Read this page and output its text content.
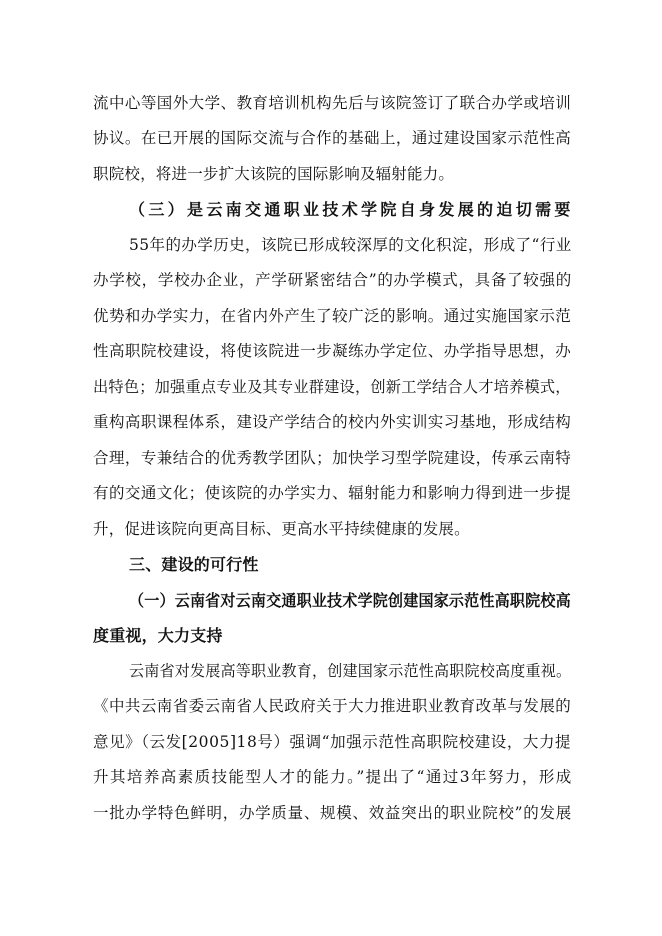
流中心等国外大学、教育培训机构先后与该院签订了联合办学或培训
协议。在已开展的国际交流与合作的基础上，通过建设国家示范性高
职院校，将进一步扩大该院的国际影响及辐射能力。
（三）是云南交通职业技术学院自身发展的迫切需要
55年的办学历史，该院已形成较深厚的文化积淀，形成了“行业
办学校，学校办企业，产学研紧密结合”的办学模式，具备了较强的
优势和办学实力，在省内外产生了较广泛的影响。通过实施国家示范
性高职院校建设，将使该院进一步凝练办学定位、办学指导思想，办
出特色；加强重点专业及其专业群建设，创新工学结合人才培养模式，
重构高职课程体系，建设产学结合的校内外实训实习基地，形成结构
合理，专兼结合的优秀教学团队；加快学习型学院建设，传承云南特
有的交通文化；使该院的办学实力、辐射能力和影响力得到进一步提
升，促进该院向更高目标、更高水平持续健康的发展。
三、建设的可行性
（一）云南省对云南交通职业技术学院创建国家示范性高职院校高
度重视，大力支持
云南省对发展高等职业教育，创建国家示范性高职院校高度重视。
《中共云南省委云南省人民政府关于大力推进职业教育改革与发展的
意见》（云发[2005]18号）强调“加强示范性高职院校建设，大力提
升其培养高素质技能型人才的能力。”提出了“通过3年努力，形成
一批办学特色鲜明，办学质量、规模、效益突出的职业院校”的发展
